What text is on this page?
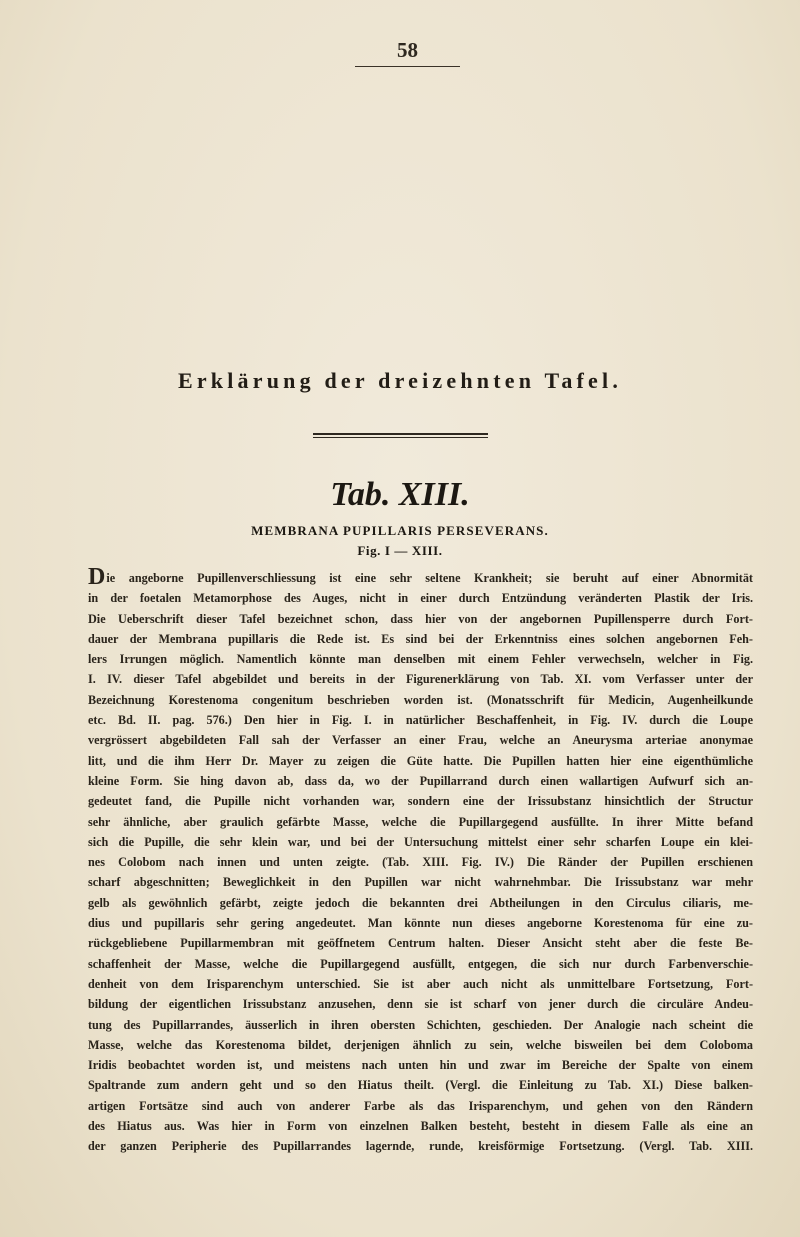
58
Erklärung der dreizehnten Tafel.
Tab. XIII.
MEMBRANA PUPILLARIS PERSEVERANS.
Fig. I — XIII.
Die angeborne Pupillenverschliessung ist eine sehr seltene Krankheit; sie beruht auf einer Abnormität
in der foetalen Metamorphose des Auges, nicht in einer durch Entzündung veränderten Plastik der Iris.
Die Ueberschrift dieser Tafel bezeichnet schon, dass hier von der angebornen Pupillensperre durch Fort-
dauer der Membrana pupillaris die Rede ist. Es sind bei der Erkenntniss eines solchen angebornen Feh-
lers Irrungen möglich. Namentlich könnte man denselben mit einem Fehler verwechseln, welcher in Fig.
I. IV. dieser Tafel abgebildet und bereits in der Figurenerklärung von Tab. XI. vom Verfasser unter der
Bezeichnung Korestenoma congenitum beschrieben worden ist. (Monatsschrift für Medicin, Augenheilkunde
etc. Bd. II. pag. 576.) Den hier in Fig. I. in natürlicher Beschaffenheit, in Fig. IV. durch die Loupe
vergrössert abgebildeten Fall sah der Verfasser an einer Frau, welche an Aneurysma arteriae anonymae
litt, und die ihm Herr Dr. Mayer zu zeigen die Güte hatte. Die Pupillen hatten hier eine eigenthümliche
kleine Form. Sie hing davon ab, dass da, wo der Pupillarrand durch einen wallartigen Aufwurf sich an-
gedeutet fand, die Pupille nicht vorhanden war, sondern eine der Irissubstanz hinsichtlich der Structur
sehr ähnliche, aber graulich gefärbte Masse, welche die Pupillargegend ausfüllte. In ihrer Mitte befand
sich die Pupille, die sehr klein war, und bei der Untersuchung mittelst einer sehr scharfen Loupe ein klei-
nes Colobom nach innen und unten zeigte. (Tab. XIII. Fig. IV.) Die Ränder der Pupillen erschienen
scharf abgeschnitten; Beweglichkeit in den Pupillen war nicht wahrnehmbar. Die Irissubstanz war mehr
gelb als gewöhnlich gefärbt, zeigte jedoch die bekannten drei Abtheilungen in den Circulus ciliaris, me-
dius und pupillaris sehr gering angedeutet. Man könnte nun dieses angeborne Korestenoma für eine zu-
rückgebliebene Pupillarmembran mit geöffnetem Centrum halten. Dieser Ansicht steht aber die feste Be-
schaffenheit der Masse, welche die Pupillargegend ausfüllt, entgegen, die sich nur durch Farbenverschie-
denheit von dem Irisparenchym unterschied. Sie ist aber auch nicht als unmittelbare Fortsetzung, Fort-
bildung der eigentlichen Irissubstanz anzusehen, denn sie ist scharf von jener durch die circuläre Andeu-
tung des Pupillarrandes, äusserlich in ihren obersten Schichten, geschieden. Der Analogie nach scheint die
Masse, welche das Korestenoma bildet, derjenigen ähnlich zu sein, welche bisweilen bei dem Coloboma
Iridis beobachtet worden ist, und meistens nach unten hin und zwar im Bereiche der Spalte von einem
Spaltrande zum andern geht und so den Hiatus theilt. (Vergl. die Einleitung zu Tab. XI.) Diese balken-
artigen Fortsätze sind auch von anderer Farbe als das Irisparenchym, und gehen von den Rändern
des Hiatus aus. Was hier in Form von einzelnen Balken besteht, besteht in diesem Falle als eine an
der ganzen Peripherie des Pupillarrandes lagernde, runde, kreisförmige Fortsetzung. (Vergl. Tab. XIII.
